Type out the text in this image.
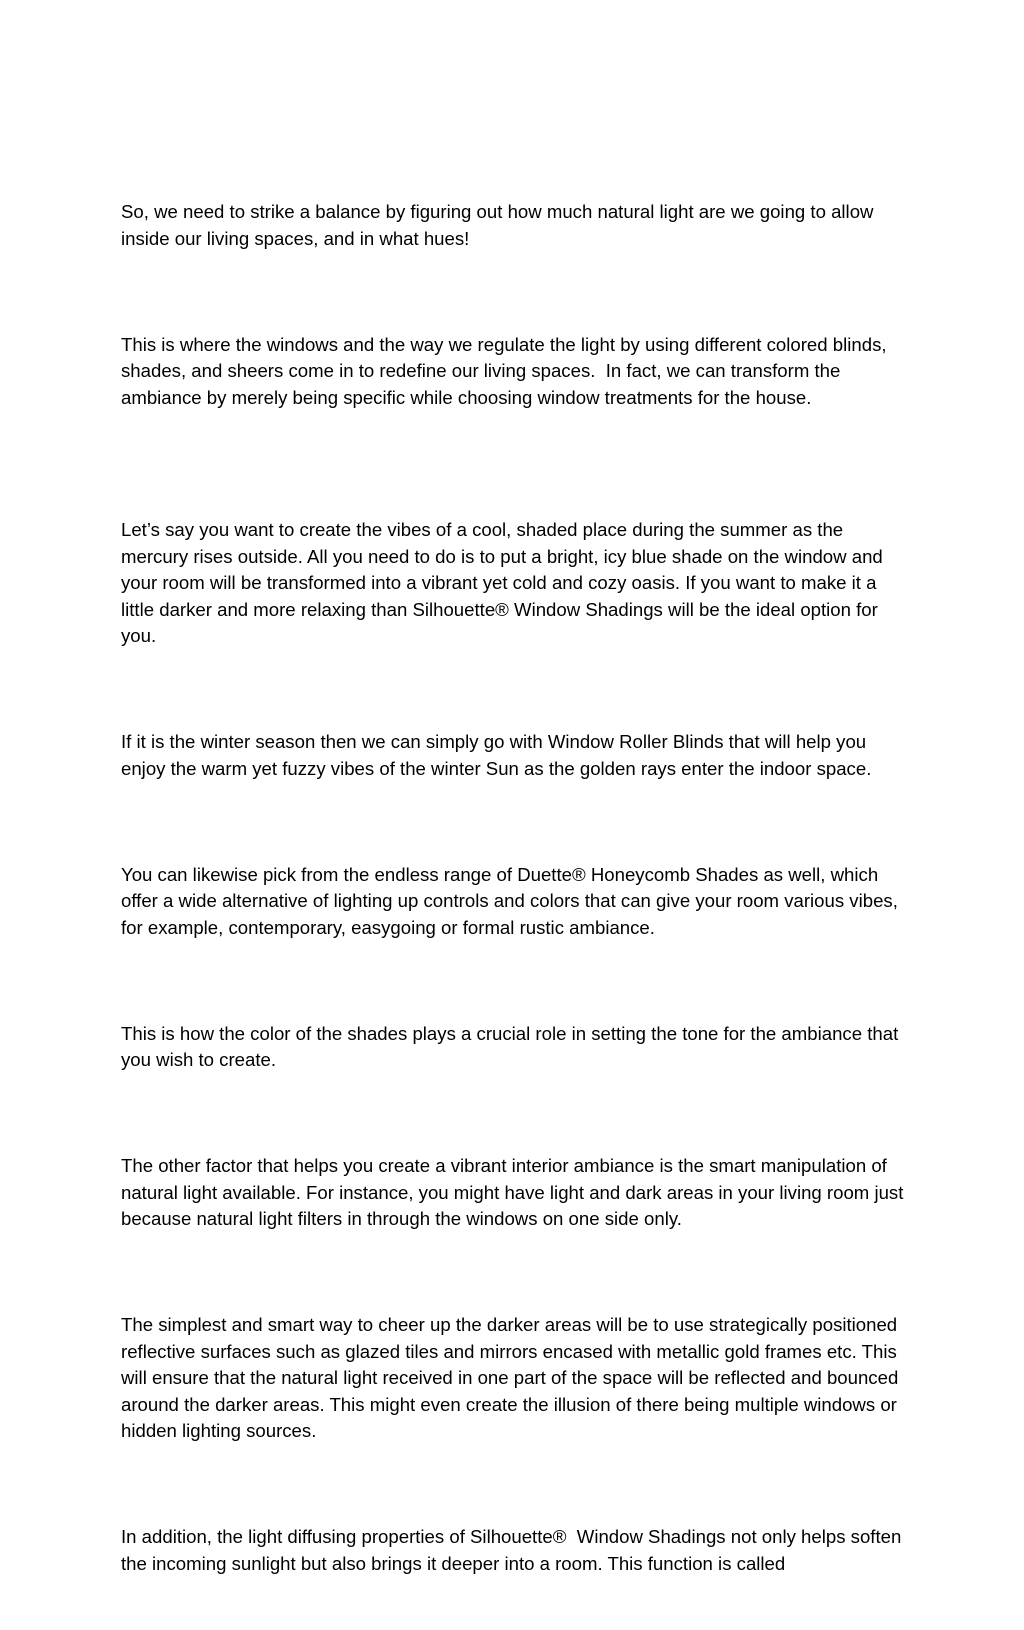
So, we need to strike a balance by figuring out how much natural light are we going to allow inside our living spaces, and in what hues!

This is where the windows and the way we regulate the light by using different colored blinds, shades, and sheers come in to redefine our living spaces.  In fact, we can transform the ambiance by merely being specific while choosing window treatments for the house.

Let’s say you want to create the vibes of a cool, shaded place during the summer as the mercury rises outside. All you need to do is to put a bright, icy blue shade on the window and your room will be transformed into a vibrant yet cold and cozy oasis. If you want to make it a little darker and more relaxing than Silhouette® Window Shadings will be the ideal option for you.

If it is the winter season then we can simply go with Window Roller Blinds that will help you enjoy the warm yet fuzzy vibes of the winter Sun as the golden rays enter the indoor space.

You can likewise pick from the endless range of Duette® Honeycomb Shades as well, which offer a wide alternative of lighting up controls and colors that can give your room various vibes, for example, contemporary, easygoing or formal rustic ambiance.

This is how the color of the shades plays a crucial role in setting the tone for the ambiance that you wish to create.

The other factor that helps you create a vibrant interior ambiance is the smart manipulation of natural light available. For instance, you might have light and dark areas in your living room just because natural light filters in through the windows on one side only.

The simplest and smart way to cheer up the darker areas will be to use strategically positioned reflective surfaces such as glazed tiles and mirrors encased with metallic gold frames etc. This will ensure that the natural light received in one part of the space will be reflected and bounced around the darker areas. This might even create the illusion of there being multiple windows or hidden lighting sources.

In addition, the light diffusing properties of Silhouette®  Window Shadings not only helps soften the incoming sunlight but also brings it deeper into a room. This function is called
